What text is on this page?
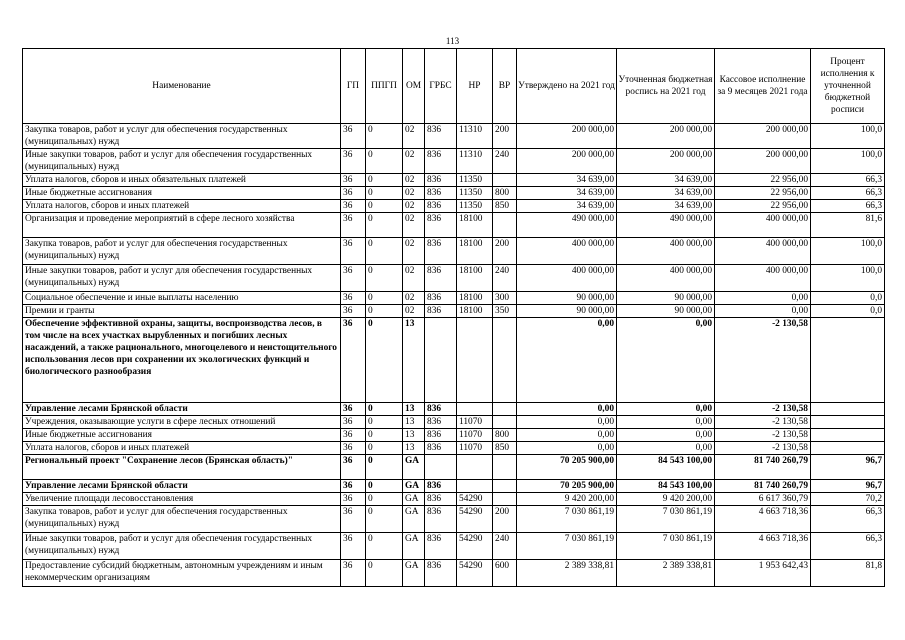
113
Наименование	ГП	ППГП	ОМ	ГРБС	НР	ВР	Утверждено на 2021 год	Уточненная бюджетная роспись на 2021 год	Кассовое исполнение за 9 месяцев 2021 года	Процент исполнения к уточненной бюджетной росписи
Закупка товаров, работ и услуг для обеспечения государственных (муниципальных) нужд	36	0	02	836	11310	200	200 000,00	200 000,00	200 000,00	100,0
Иные закупки товаров, работ и услуг для обеспечения государственных (муниципальных) нужд	36	0	02	836	11310	240	200 000,00	200 000,00	200 000,00	100,0
Уплата налогов, сборов и иных обязательных платежей	36	0	02	836	11350		34 639,00	34 639,00	22 956,00	66,3
Иные бюджетные ассигнования	36	0	02	836	11350	800	34 639,00	34 639,00	22 956,00	66,3
Уплата налогов, сборов и иных платежей	36	0	02	836	11350	850	34 639,00	34 639,00	22 956,00	66,3
Организация и проведение мероприятий в сфере лесного хозяйства	36	0	02	836	18100		490 000,00	490 000,00	400 000,00	81,6
Закупка товаров, работ и услуг для обеспечения государственных (муниципальных) нужд	36	0	02	836	18100	200	400 000,00	400 000,00	400 000,00	100,0
Иные закупки товаров, работ и услуг для обеспечения государственных (муниципальных) нужд	36	0	02	836	18100	240	400 000,00	400 000,00	400 000,00	100,0
Социальное обеспечение и иные выплаты населению	36	0	02	836	18100	300	90 000,00	90 000,00	0,00	0,0
Премии и гранты	36	0	02	836	18100	350	90 000,00	90 000,00	0,00	0,0
Обеспечение эффективной охраны, защиты, воспроизводства лесов, в том числе на всех участках вырубленных и погибших лесных насаждений, а также рационального, многоцелевого и неистощительного использования лесов при сохранении их экологических функций и биологического разнообразия	36	0	13				0,00	0,00	-2 130,58	
Управление лесами Брянской области	36	0	13	836			0,00	0,00	-2 130,58	
Учреждения, оказывающие услуги в сфере лесных отношений	36	0	13	836	11070		0,00	0,00	-2 130,58	
Иные бюджетные ассигнования	36	0	13	836	11070	800	0,00	0,00	-2 130,58	
Уплата налогов, сборов и иных платежей	36	0	13	836	11070	850	0,00	0,00	-2 130,58	
Региональный проект "Сохранение лесов (Брянская область)"	36	0	GA				70 205 900,00	84 543 100,00	81 740 260,79	96,7
Управление лесами Брянской области	36	0	GA	836			70 205 900,00	84 543 100,00	81 740 260,79	96,7
Увеличение площади лесовосстановления	36	0	GA	836	54290		9 420 200,00	9 420 200,00	6 617 360,79	70,2
Закупка товаров, работ и услуг для обеспечения государственных (муниципальных) нужд	36	0	GA	836	54290	200	7 030 861,19	7 030 861,19	4 663 718,36	66,3
Иные закупки товаров, работ и услуг для обеспечения государственных (муниципальных) нужд	36	0	GA	836	54290	240	7 030 861,19	7 030 861,19	4 663 718,36	66,3
Предоставление субсидий бюджетным, автономным учреждениям и иным некоммерческим организациям	36	0	GA	836	54290	600	2 389 338,81	2 389 338,81	1 953 642,43	81,8
